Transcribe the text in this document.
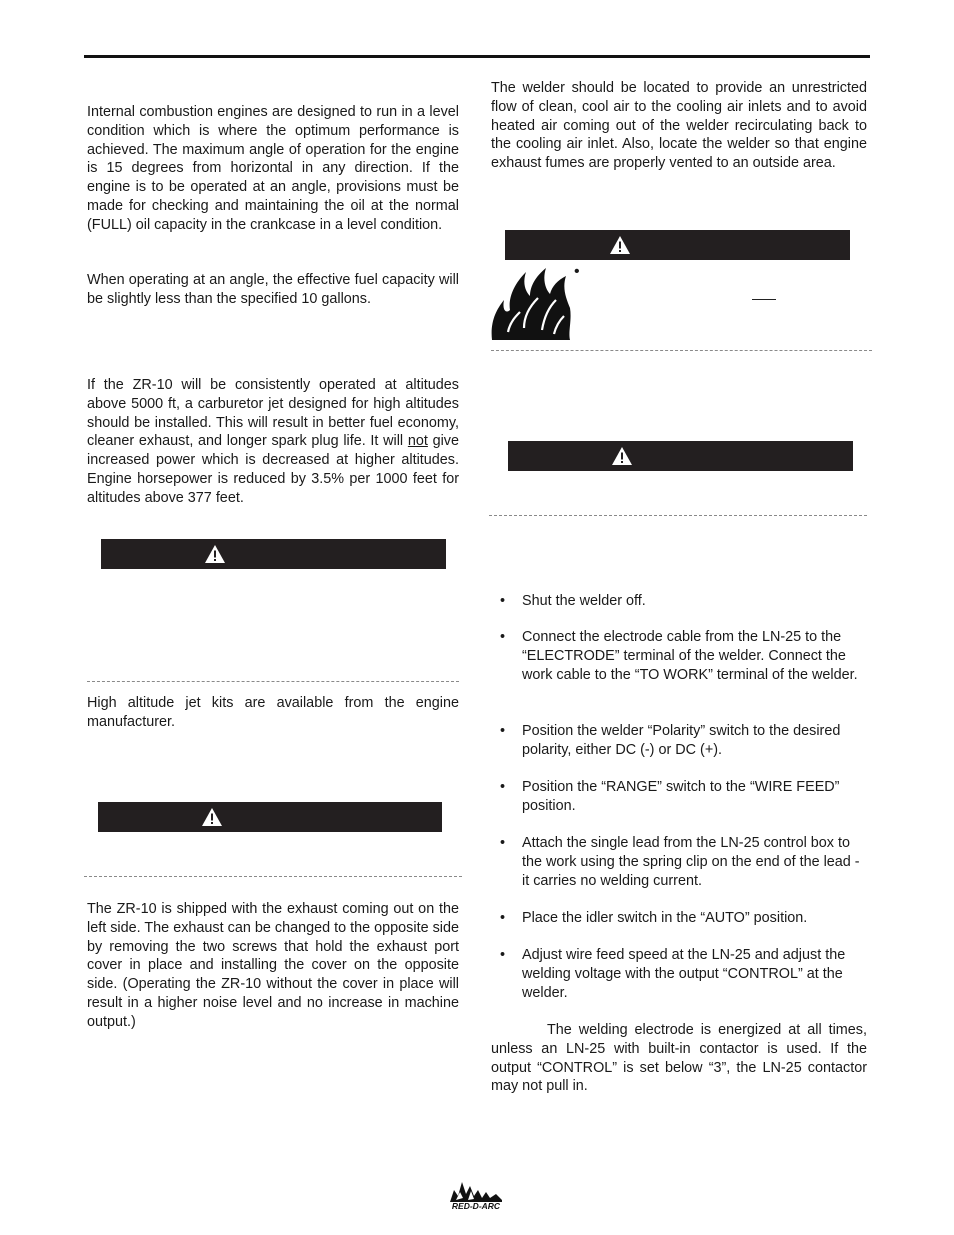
Internal combustion engines are designed to run in a level condition which is where the optimum performance is achieved. The maximum angle of operation for the engine is 15 degrees from horizontal in any direction. If the engine is to be operated at an angle, provisions must be made for checking and maintaining the oil at the normal (FULL) oil capacity in the crankcase in a level condition.

When operating at an angle, the effective fuel capacity will be slightly less than the specified 10 gallons.

If the ZR-10 will be consistently operated at altitudes above 5000 ft, a carburetor jet designed for high altitudes should be installed. This will result in better fuel economy, cleaner exhaust, and longer spark plug life. It will not give increased power which is decreased at higher altitudes. Engine horsepower is reduced by 3.5% per 1000 feet for altitudes above 377 feet.

High altitude jet kits are available from the engine manufacturer.

The ZR-10 is shipped with the exhaust coming out on the left side. The exhaust can be changed to the opposite side by removing the two screws that hold the exhaust port cover in place and installing the cover on the opposite side. (Operating the ZR-10 without the cover in place will result in a higher noise level and no increase in machine output.)

The welder should be located to provide an unrestricted flow of clean, cool air to the cooling air inlets and to avoid heated air coming out of the welder recirculating back to the cooling air inlet. Also, locate the welder so that engine exhaust fumes are properly vented to an outside area.

•
• Shut the welder off.
• Connect the electrode cable from the LN-25 to the “ELECTRODE” terminal of the welder. Connect the work cable to the “TO WORK” terminal of the welder.
• Position the welder “Polarity” switch to the desired polarity, either DC (-) or DC (+).
• Position the “RANGE” switch to the “WIRE FEED” position.
• Attach the single lead from the LN-25 control box to the work using the spring clip on the end of the lead - it carries no welding current.
• Place the idler switch in the “AUTO” position.
• Adjust wire feed speed at the LN-25 and adjust the welding voltage with the output “CONTROL” at the welder.

The welding electrode is energized at all times, unless an LN-25 with built-in contactor is used. If the output “CONTROL” is set below “3”, the LN-25 contactor may not pull in.

RED-D-ARC
